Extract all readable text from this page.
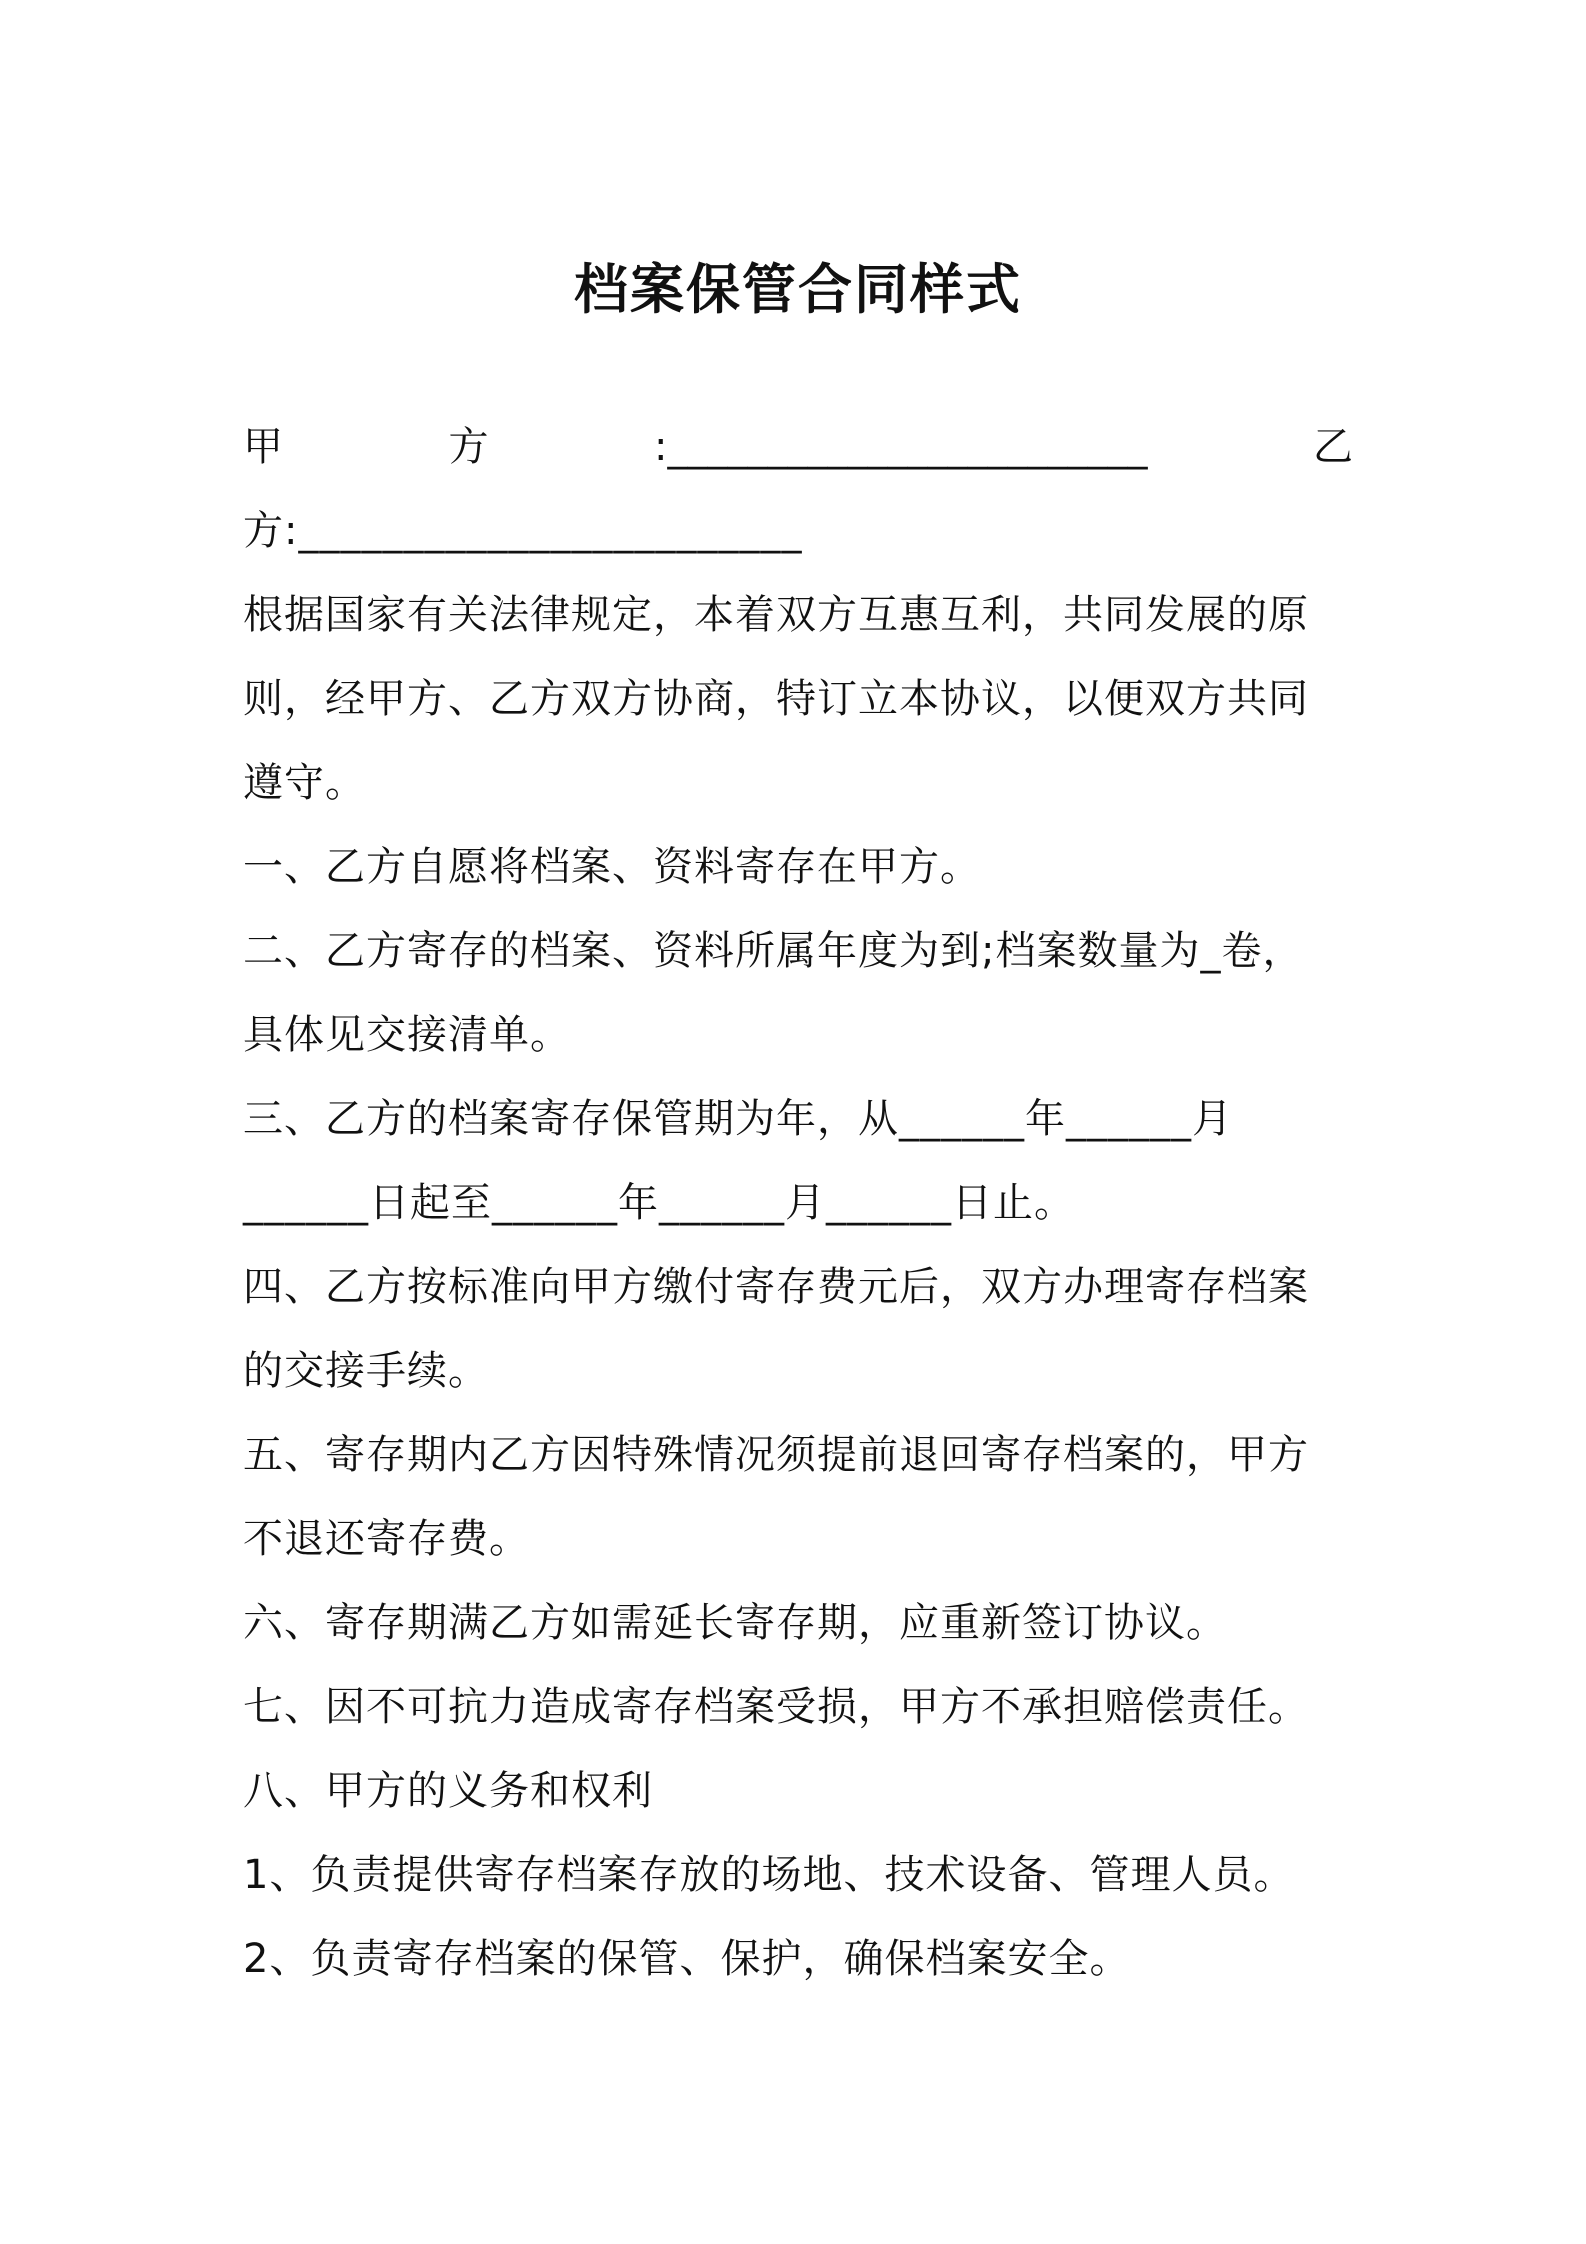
档案保管合同样式
甲	方	:________________________	乙
方:________________________
根据国家有关法律规定，本着双方互惠互利，共同发展的原
则，经甲方、乙方双方协商，特订立本协议，以便双方共同
遵守。
一、乙方自愿将档案、资料寄存在甲方。
二、乙方寄存的档案、资料所属年度为到;档案数量为_卷，
具体见交接清单。
三、乙方的档案寄存保管期为年，从______年______月
______日起至______年______月______日止。
四、乙方按标准向甲方缴付寄存费元后，双方办理寄存档案
的交接手续。
五、寄存期内乙方因特殊情况须提前退回寄存档案的，甲方
不退还寄存费。
六、寄存期满乙方如需延长寄存期，应重新签订协议。
七、因不可抗力造成寄存档案受损，甲方不承担赔偿责任。
八、甲方的义务和权利
1、负责提供寄存档案存放的场地、技术设备、管理人员。
2、负责寄存档案的保管、保护，确保档案安全。
